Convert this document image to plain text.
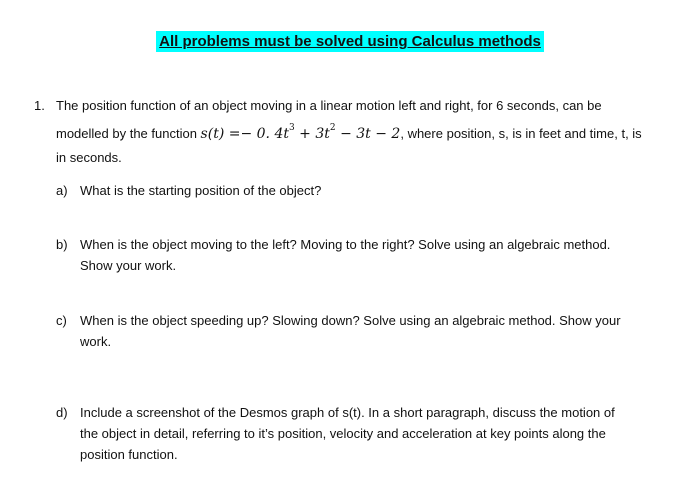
All problems must be solved using Calculus methods
1. The position function of an object moving in a linear motion left and right, for 6 seconds, can be modelled by the function s(t) =− 0. $4t^3 + 3t^2 - 3t - 2$, where position, s, is in feet and time, t, is in seconds.
a) What is the starting position of the object?
b) When is the object moving to the left? Moving to the right? Solve using an algebraic method. Show your work.
c) When is the object speeding up? Slowing down? Solve using an algebraic method. Show your work.
d) Include a screenshot of the Desmos graph of s(t). In a short paragraph, discuss the motion of the object in detail, referring to it’s position, velocity and acceleration at key points along the position function.
